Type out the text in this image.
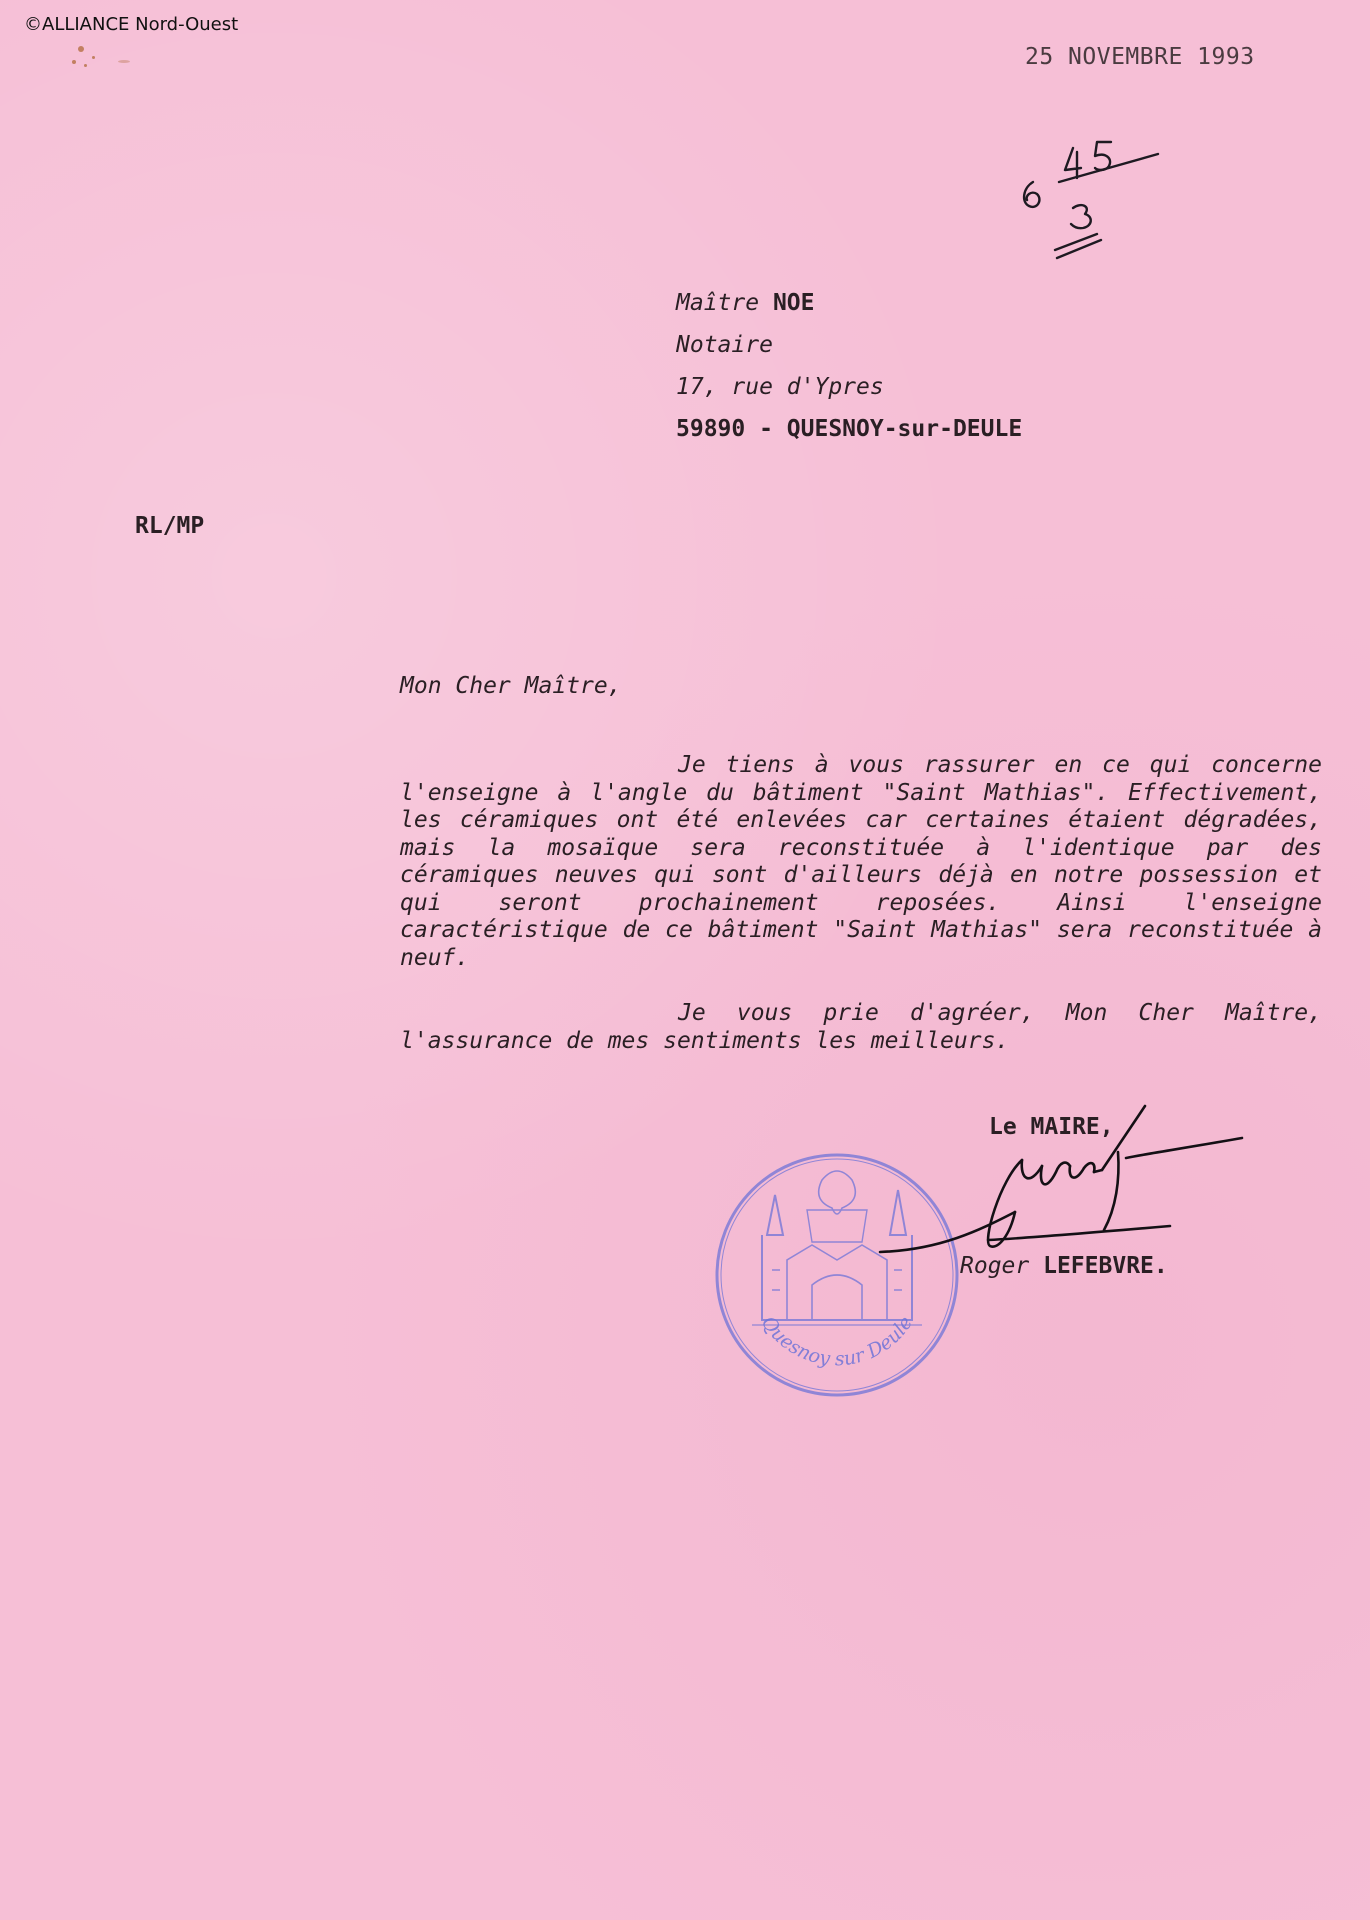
©ALLIANCE Nord-Ouest
25 NOVEMBRE 1993
Maître NOE
Notaire
17, rue d'Ypres
59890 - QUESNOY-sur-DEULE
RL/MP
Mon Cher Maître,

Je tiens à vous rassurer en ce qui concerne l'enseigne à l'angle du bâtiment "Saint Mathias". Effectivement, les céramiques ont été enlevées car certaines étaient dégradées, mais la mosaïque sera reconstituée à l'identique par des céramiques neuves qui sont d'ailleurs déjà en notre possession et qui seront prochainement reposées. Ainsi l'enseigne caractéristique de ce bâtiment "Saint Mathias" sera reconstituée à neuf.

Je vous prie d'agréer, Mon Cher Maître, l'assurance de mes sentiments les meilleurs.

Quesnoy sur Deule
Le MAIRE,
Roger LEFEBVRE.
